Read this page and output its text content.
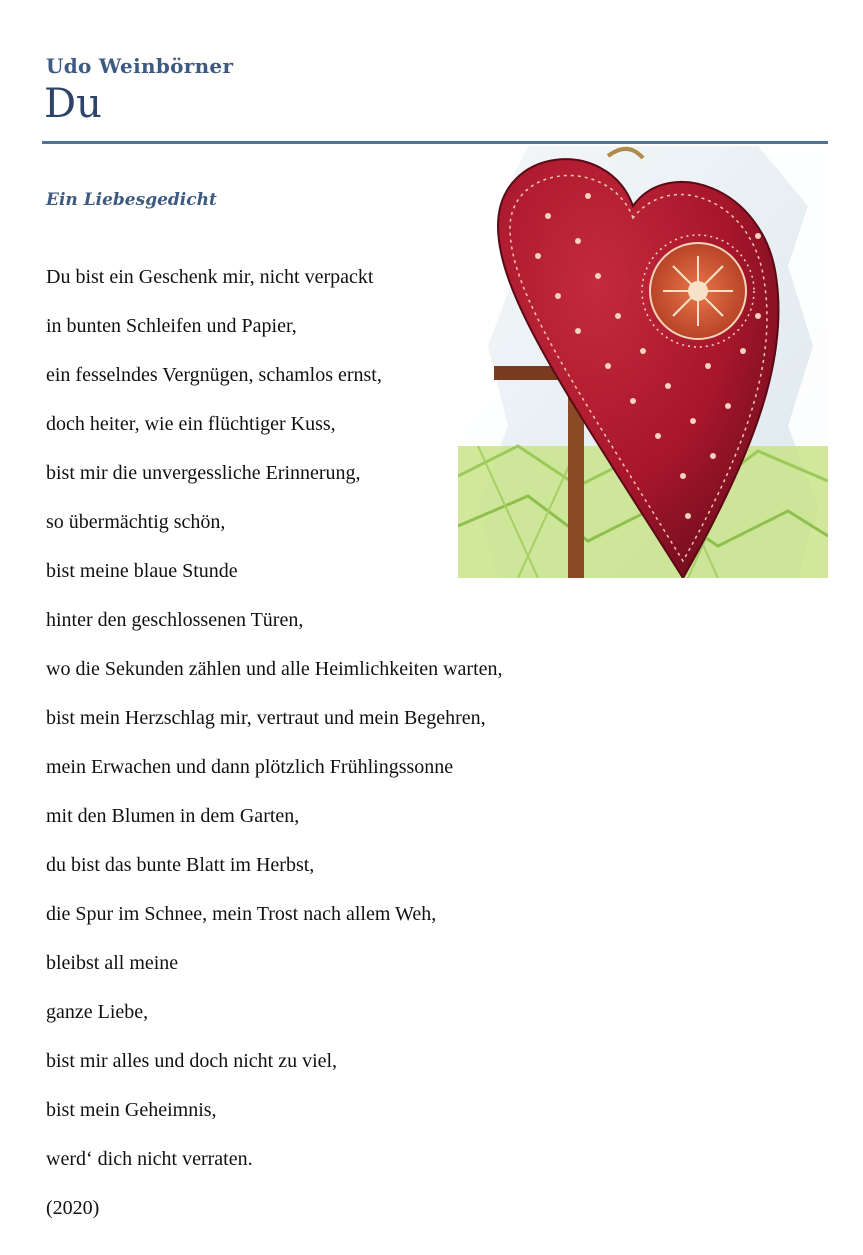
Udo Weinbörner
Du
Ein Liebesgedicht
Du bist ein Geschenk mir, nicht verpackt
in bunten Schleifen und Papier,
ein fesselndes Vergnügen, schamlos ernst,
doch heiter, wie ein flüchtiger Kuss,
bist mir die unvergessliche Erinnerung,
so übermächtig schön,
bist meine blaue Stunde
hinter den geschlossenen Türen,
wo die Sekunden zählen und alle Heimlichkeiten warten,
bist mein Herzschlag mir, vertraut und mein Begehren,
mein Erwachen und dann plötzlich Frühlingssonne
mit den Blumen in dem Garten,
du bist das bunte Blatt im Herbst,
die Spur im Schnee, mein Trost nach allem Weh,
bleibst all meine
ganze Liebe,
bist mir alles und doch nicht zu viel,
bist mein Geheimnis,
werd‘ dich nicht verraten.
(2020)
